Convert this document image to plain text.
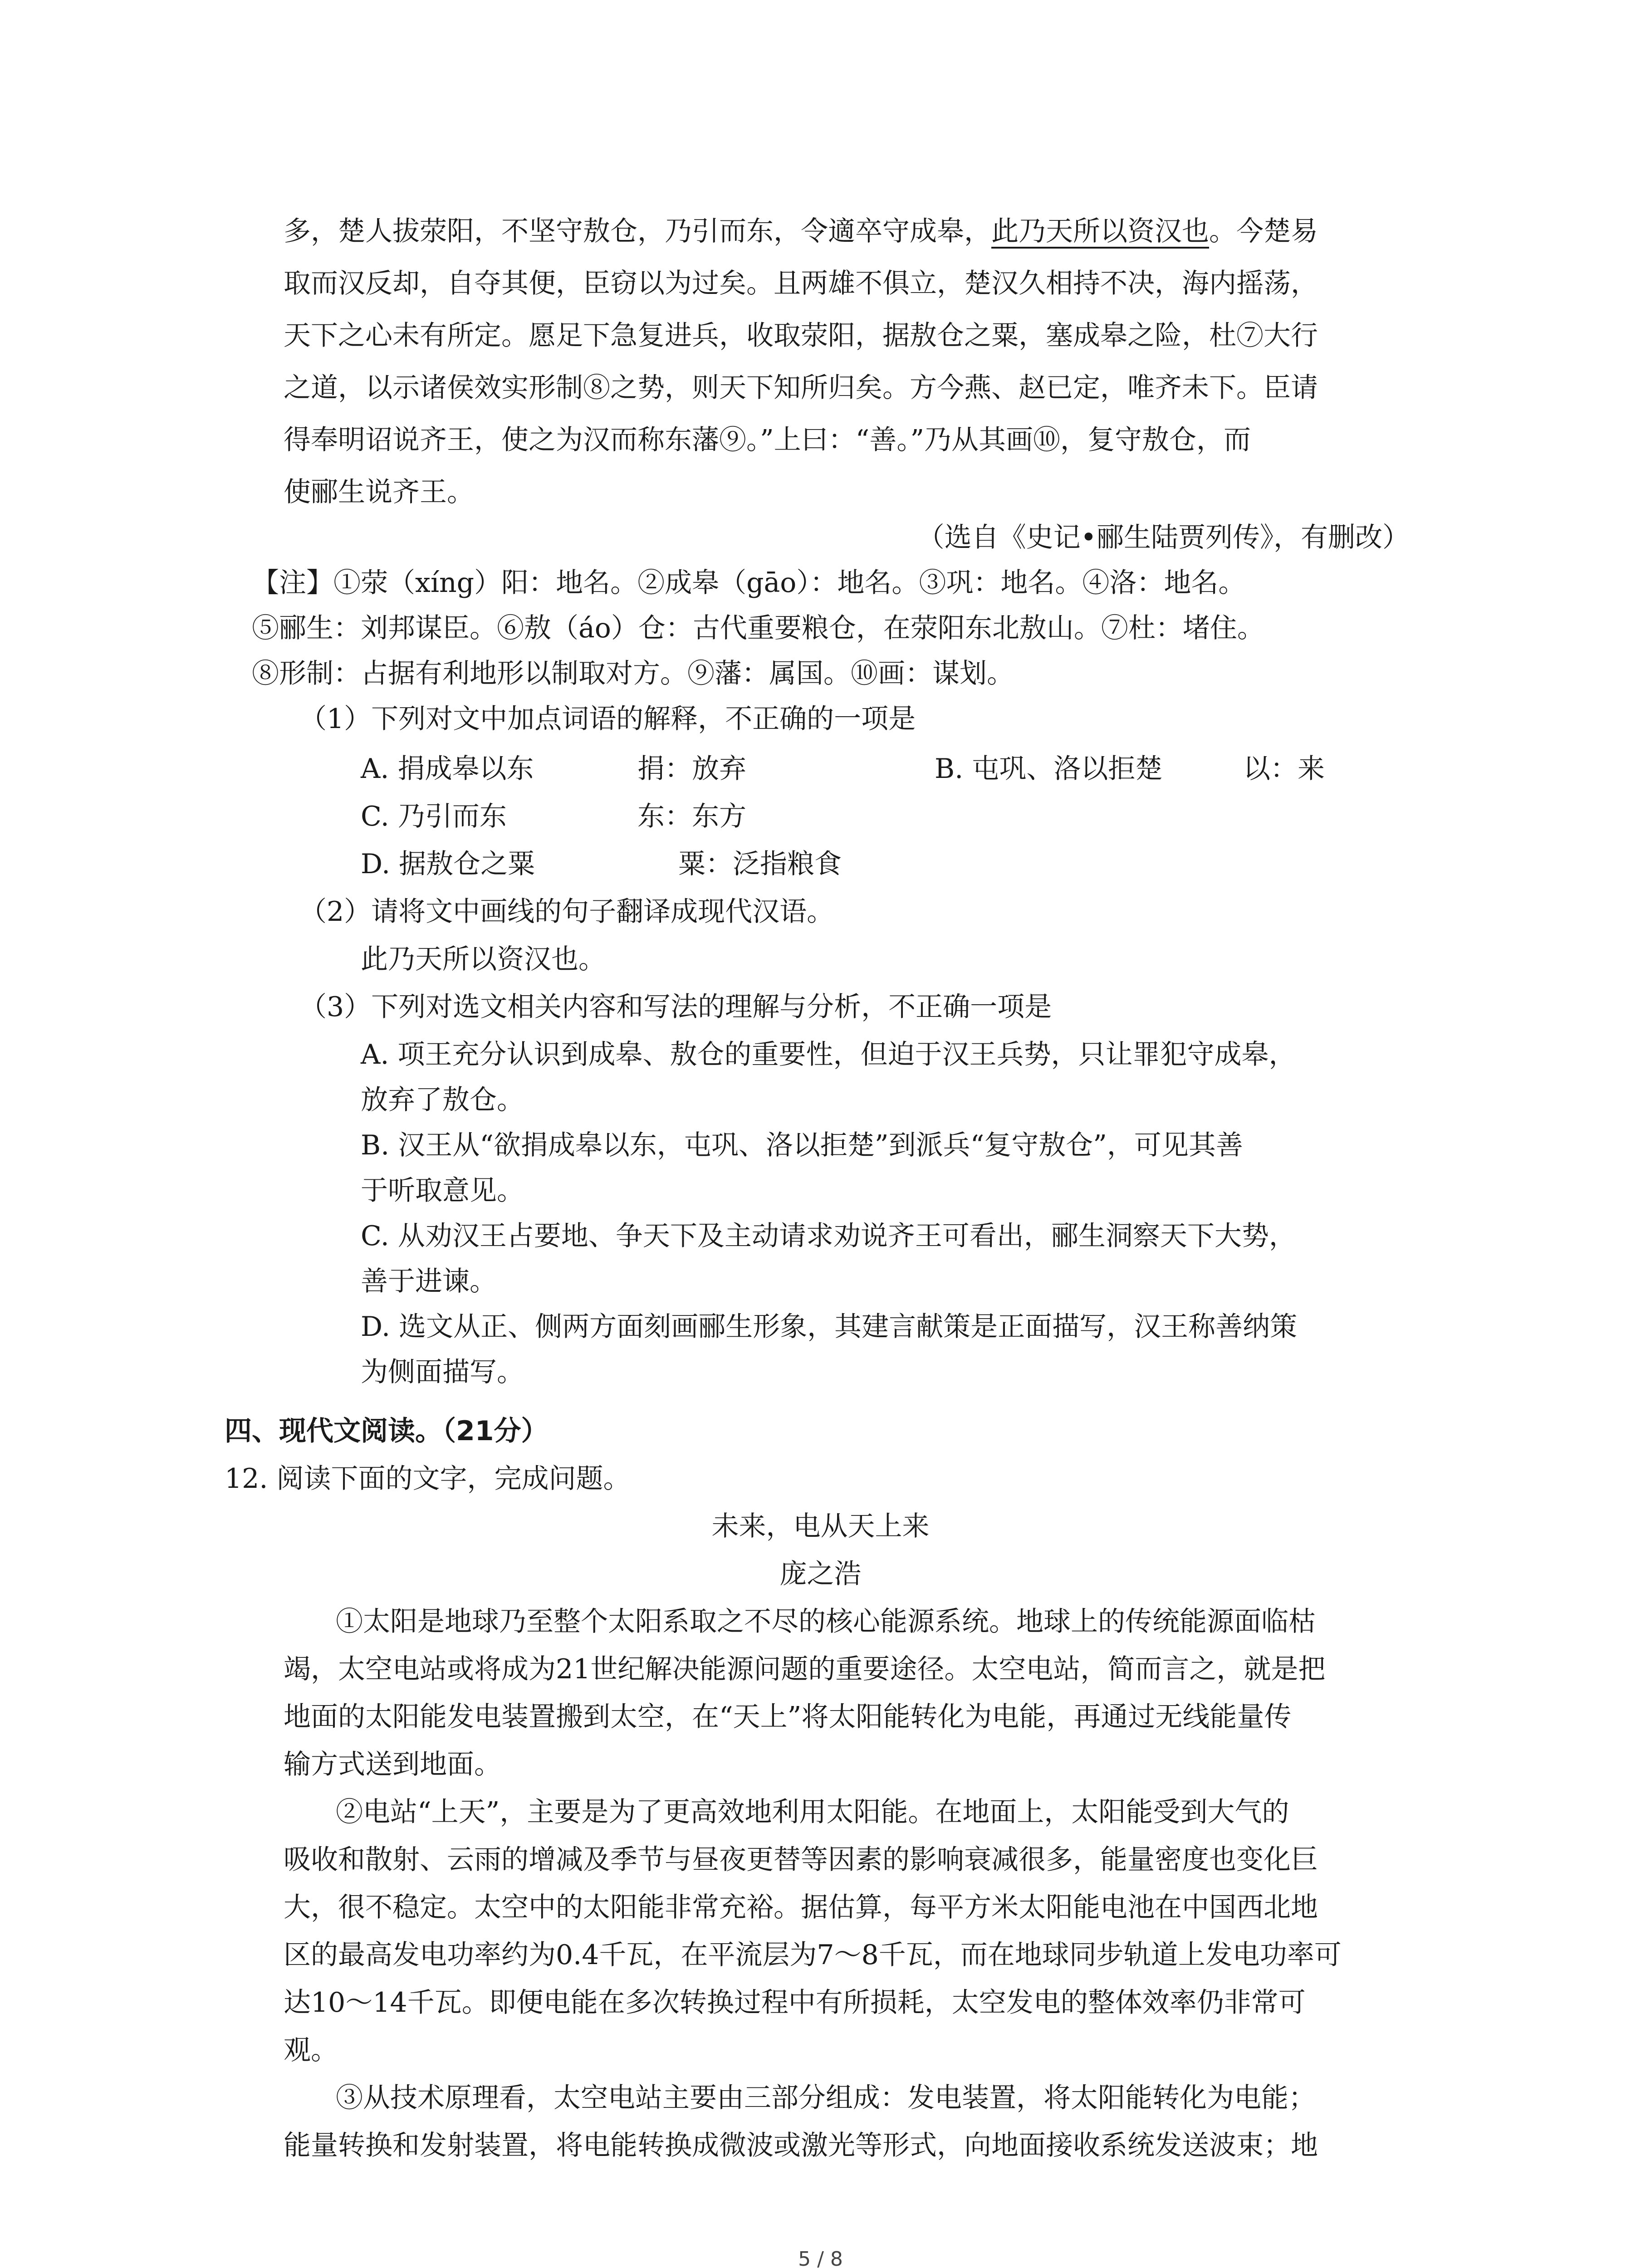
多，楚人拔荥阳，不坚守敖仓，乃引而东，令適卒守成皋，此乃天所以资汉也。今楚易
取而汉反却，自夺其便，臣窃以为过矣。且两雄不俱立，楚汉久相持不决，海内摇荡，
天下之心未有所定。愿足下急复进兵，收取荥阳，据敖仓之粟，塞成皋之险，杜⑦大行
之道，以示诸侯效实形制⑧之势，则天下知所归矣。方今燕、赵已定，唯齐未下。臣请
得奉明诏说齐王，使之为汉而称东藩⑨。”上曰：“善。”乃从其画⑩，复守敖仓，而
使郦生说齐王。
（选自《史记•郦生陆贾列传》，有删改）
【注】①荥（xíng）阳：地名。②成皋（gāo）：地名。③巩：地名。④洛：地名。
⑤郦生：刘邦谋臣。⑥敖（áo）仓：古代重要粮仓，在荥阳东北敖山。⑦杜：堵住。
⑧形制：占据有利地形以制取对方。⑨藩：属国。⑩画：谋划。
（1）下列对文中加点词语的解释，不正确的一项是
A. 捐成皋以东	捐：放弃	B. 屯巩、洛以拒楚	以：来
C. 乃引而东	东：东方
D. 据敖仓之粟	粟：泛指粮食
（2）请将文中画线的句子翻译成现代汉语。
此乃天所以资汉也。
（3）下列对选文相关内容和写法的理解与分析，不正确一项是
A. 项王充分认识到成皋、敖仓的重要性，但迫于汉王兵势，只让罪犯守成皋，
放弃了敖仓。
B. 汉王从“欲捐成皋以东，屯巩、洛以拒楚”到派兵“复守敖仓”，可见其善
于听取意见。
C. 从劝汉王占要地、争天下及主动请求劝说齐王可看出，郦生洞察天下大势，
善于进谏。
D. 选文从正、侧两方面刻画郦生形象，其建言献策是正面描写，汉王称善纳策
为侧面描写。
四、现代文阅读。（21分）
12. 阅读下面的文字，完成问题。
未来，电从天上来
庞之浩
①太阳是地球乃至整个太阳系取之不尽的核心能源系统。地球上的传统能源面临枯
竭，太空电站或将成为21世纪解决能源问题的重要途径。太空电站，简而言之，就是把
地面的太阳能发电装置搬到太空，在“天上”将太阳能转化为电能，再通过无线能量传
输方式送到地面。
②电站“上天”，主要是为了更高效地利用太阳能。在地面上，太阳能受到大气的
吸收和散射、云雨的增减及季节与昼夜更替等因素的影响衰减很多，能量密度也变化巨
大，很不稳定。太空中的太阳能非常充裕。据估算，每平方米太阳能电池在中国西北地
区的最高发电功率约为0.4千瓦，在平流层为7～8千瓦，而在地球同步轨道上发电功率可
达10～14千瓦。即便电能在多次转换过程中有所损耗，太空发电的整体效率仍非常可
观。
③从技术原理看，太空电站主要由三部分组成：发电装置，将太阳能转化为电能；
能量转换和发射装置，将电能转换成微波或激光等形式，向地面接收系统发送波束；地
5 / 8
